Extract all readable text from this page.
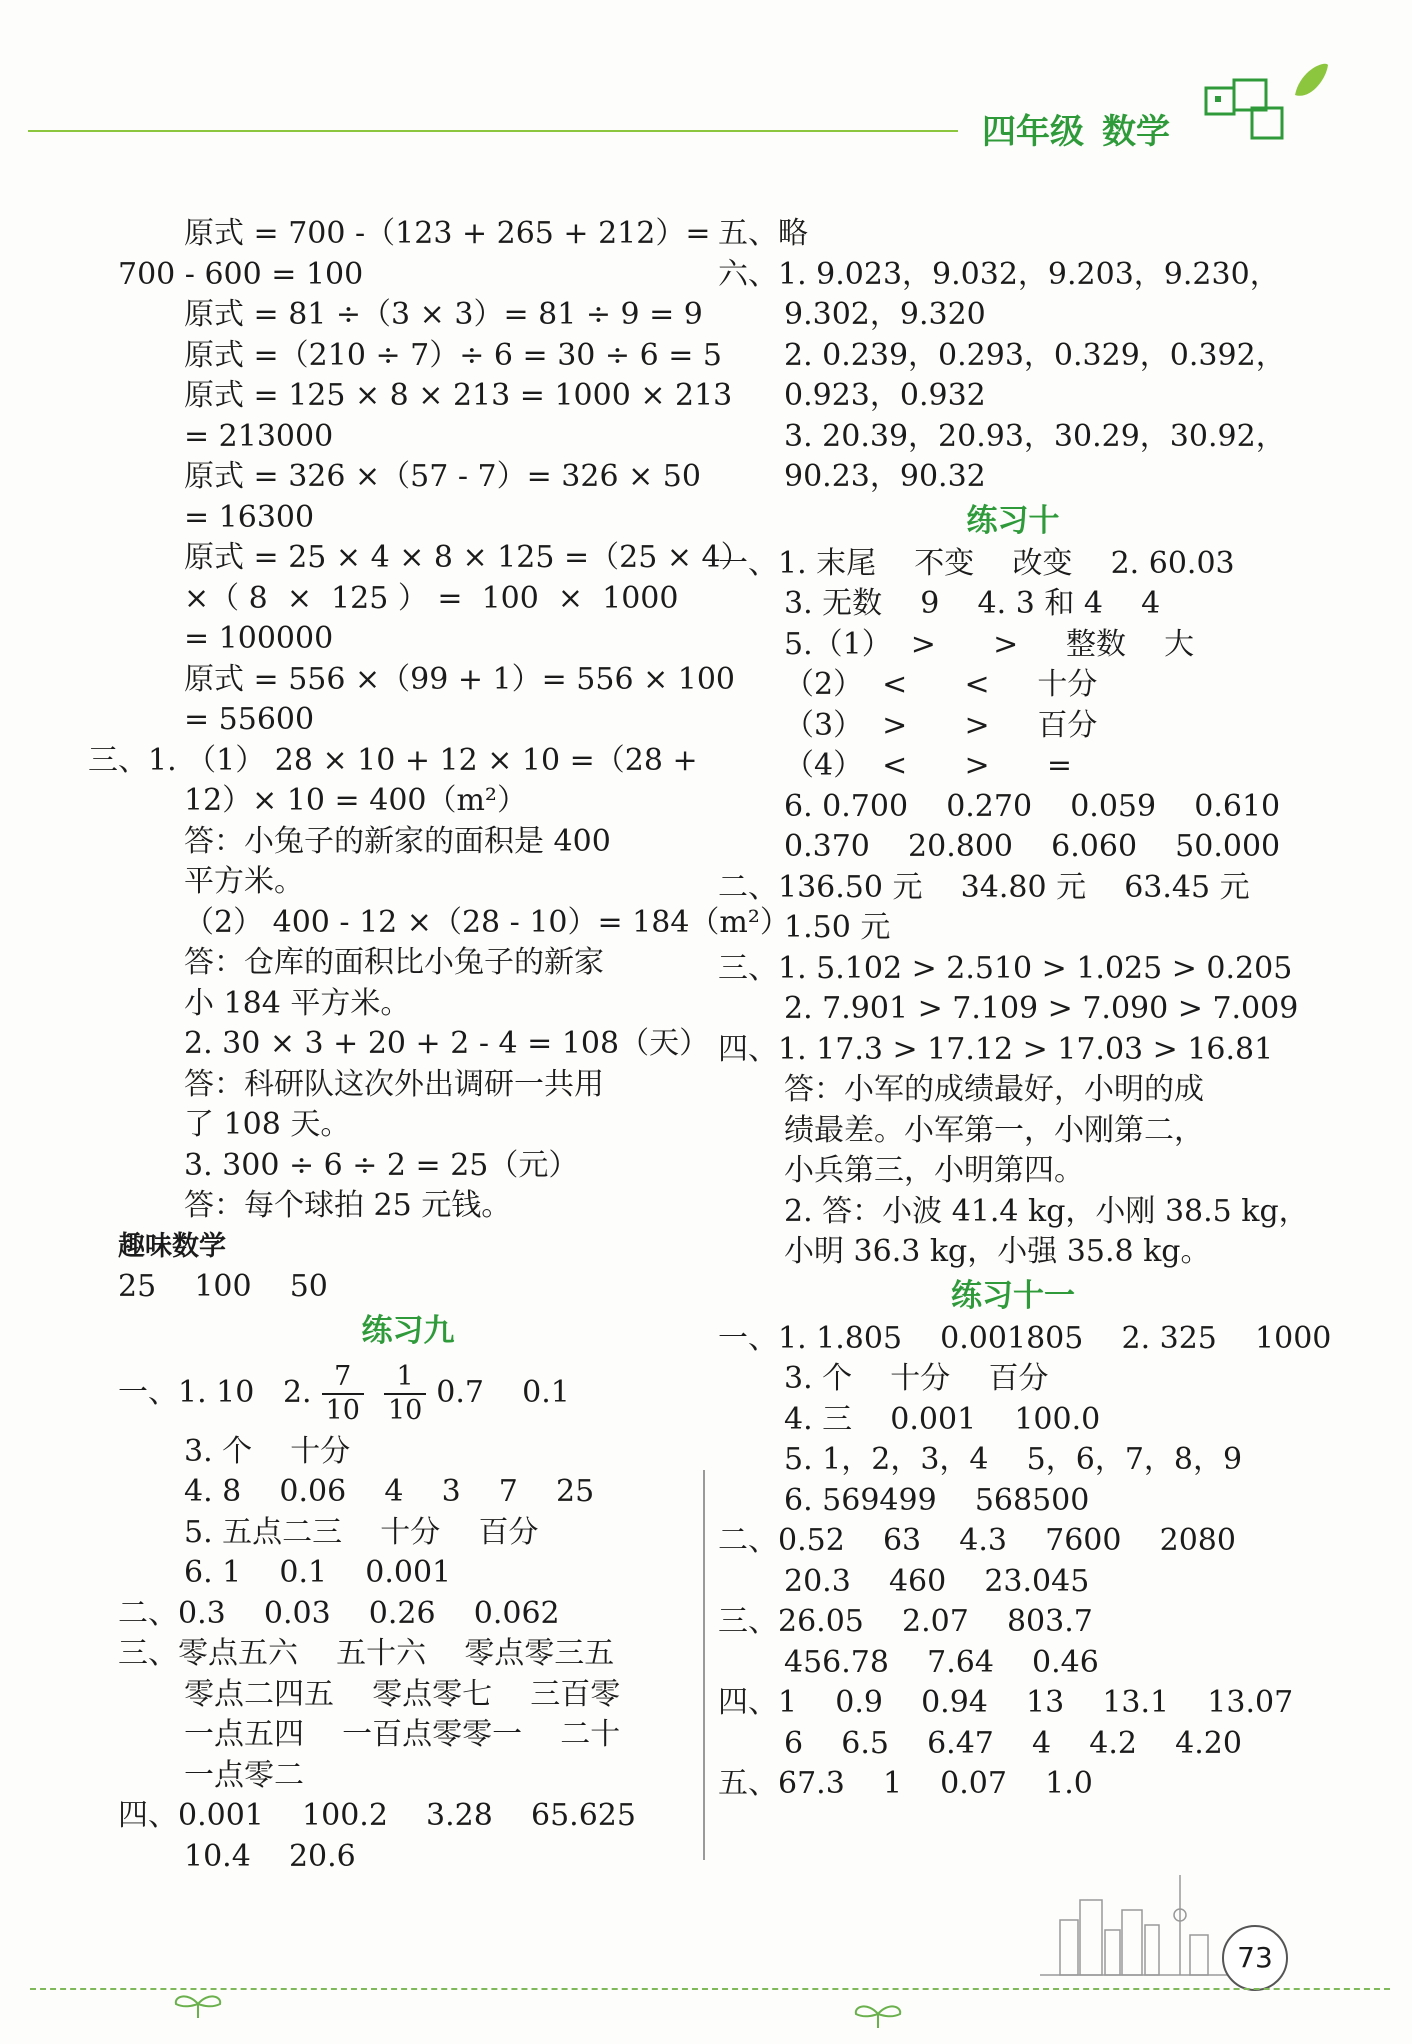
四年级 数学
原式 = 700 -（123 + 265 + 212）=
700 - 600 = 100
原式 = 81 ÷（3 × 3）= 81 ÷ 9 = 9
原式 =（210 ÷ 7）÷ 6 = 30 ÷ 6 = 5
原式 = 125 × 8 × 213 = 1000 × 213
= 213000
原式 = 326 ×（57 - 7）= 326 × 50
= 16300
原式 = 25 × 4 × 8 × 125 =（25 × 4）
×（ 8  ×  125 ） =  100  ×  1000
= 100000
原式 = 556 ×（99 + 1）= 556 × 100
= 55600
三、1. （1） 28 × 10 + 12 × 10 =（28 +
12）× 10 = 400（m²）
答：小兔子的新家的面积是 400
平方米。
（2） 400 - 12 ×（28 - 10）= 184（m²）
答：仓库的面积比小兔子的新家
小 184 平方米。
2. 30 × 3 + 20 + 2 - 4 = 108（天）
答：科研队这次外出调研一共用
了 108 天。
3. 300 ÷ 6 ÷ 2 = 25（元）
答：每个球拍 25 元钱。
趣味数学
25    100    50
练习九
一、1. 10   2. $\frac{7}{10} \frac{1}{10} 0.7$    0.1
3. 个    十分
4. 8    0.06    4    3    7    25
5. 五点二三    十分    百分
6. 1    0.1    0.001
二、0.3    0.03    0.26    0.062
三、零点五六    五十六    零点零三五
零点二四五    零点零七    三百零
一点五四    一百点零零一    二十
一点零二
四、0.001    100.2    3.28    65.625
10.4    20.6
五、略
六、1. 9.023，9.032，9.203，9.230，
9.302，9.320
2. 0.239，0.293，0.329，0.392，
0.923，0.932
3. 20.39，20.93，30.29，30.92，
90.23，90.32
练习十
一、1. 末尾    不变    改变    2. 60.03
3. 无数    9    4. 3 和 4    4
5.（1）  >      >     整数    大
（2）  <      <     十分
（3）  >      >     百分
（4）  <      >      =
6. 0.700    0.270    0.059    0.610
0.370    20.800    6.060    50.000
二、136.50 元    34.80 元    63.45 元
1.50 元
三、1. 5.102 > 2.510 > 1.025 > 0.205
2. 7.901 > 7.109 > 7.090 > 7.009
四、1. 17.3 > 17.12 > 17.03 > 16.81
答：小军的成绩最好，小明的成
绩最差。小军第一，小刚第二，
小兵第三，小明第四。
2. 答：小波 41.4 kg，小刚 38.5 kg，
小明 36.3 kg，小强 35.8 kg。
练习十一
一、1. 1.805    0.001805    2. 325    1000
3. 个    十分    百分
4. 三    0.001    100.0
5. 1，2，3，4    5，6，7，8，9
6. 569499    568500
二、0.52    63    4.3    7600    2080
20.3    460    23.045
三、26.05    2.07    803.7
456.78    7.64    0.46
四、1    0.9    0.94    13    13.1    13.07
6    6.5    6.47    4    4.2    4.20
五、67.3    1    0.07    1.0
73
